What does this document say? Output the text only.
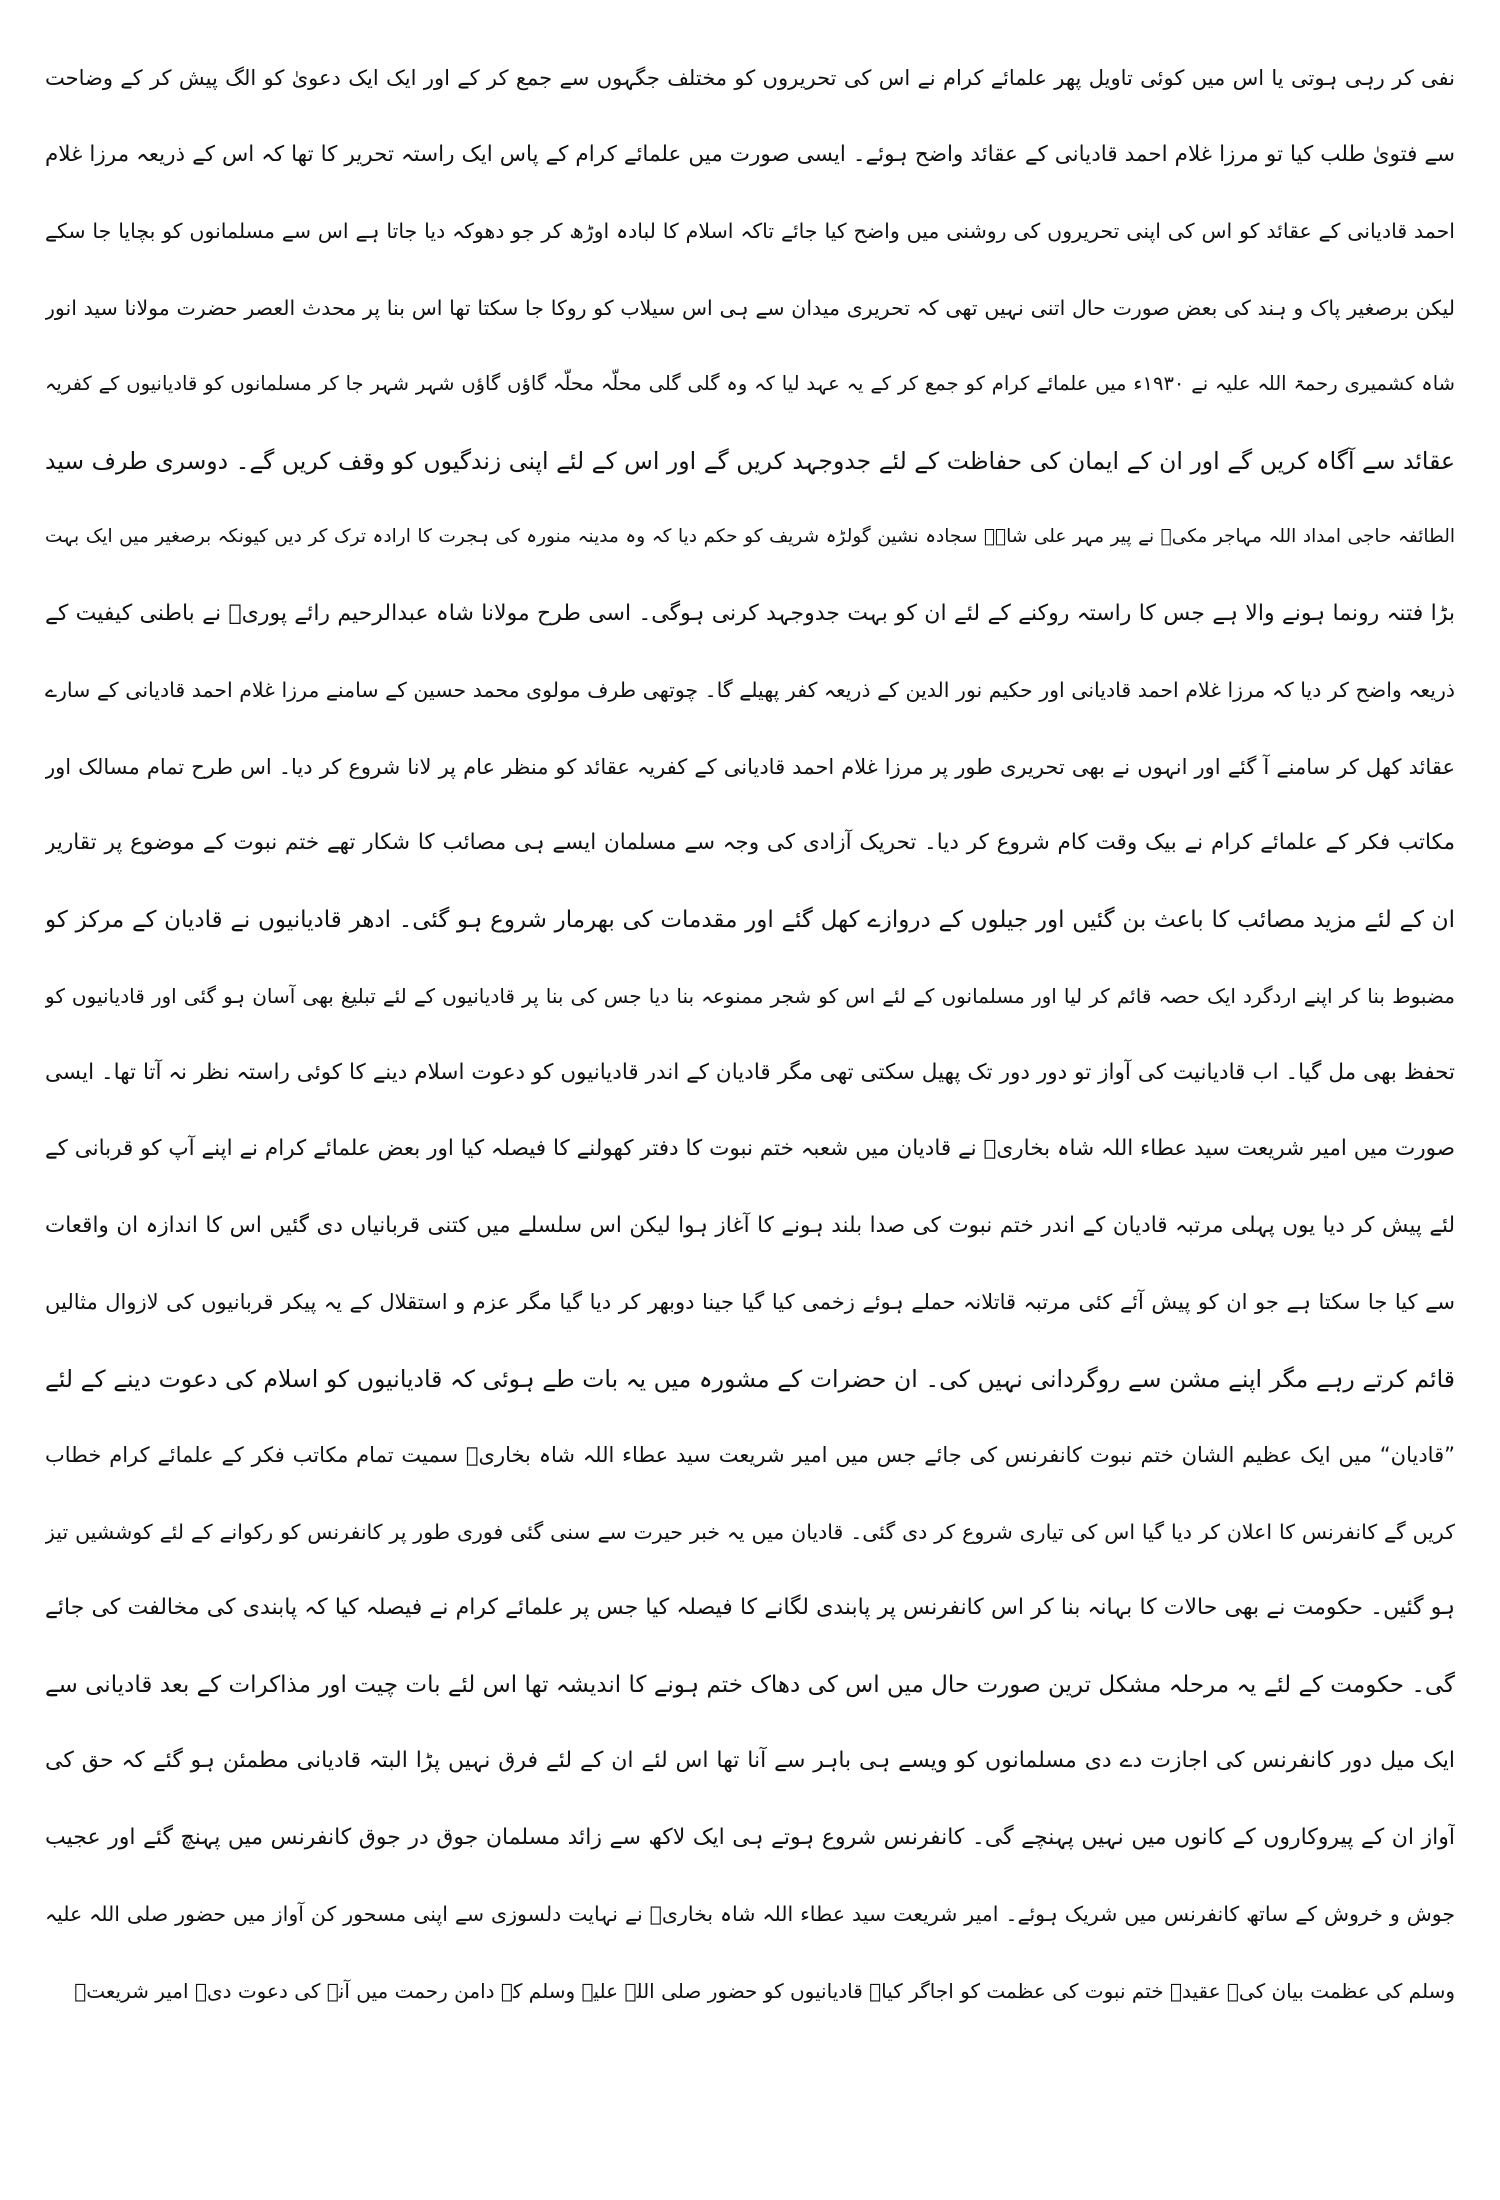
نفی کر رہی ہوتی یا اس میں کوئی تاویل پھر علمائے کرام نے اس کی تحریروں کو مختلف جگہوں سے جمع کر کے اور ایک ایک دعویٰ کو الگ پیش کر کے وضاحت
سے فتویٰ طلب کیا تو مرزا غلام احمد قادیانی کے عقائد واضح ہوئے۔ ایسی صورت میں علمائے کرام کے پاس ایک راستہ تحریر کا تھا کہ اس کے ذریعہ مرزا غلام
احمد قادیانی کے عقائد کو اس کی اپنی تحریروں کی روشنی میں واضح کیا جائے تاکہ اسلام کا لبادہ اوڑھ کر جو دھوکہ دیا جاتا ہے اس سے مسلمانوں کو بچایا جا سکے
لیکن برصغیر پاک و ہند کی بعض صورت حال اتنی نہیں تھی کہ تحریری میدان سے ہی اس سیلاب کو روکا جا سکتا تھا اس بنا پر محدث العصر حضرت مولانا سید انور
شاہ کشمیری رحمۃ اللہ علیہ نے ۱۹۳۰ء میں علمائے کرام کو جمع کر کے یہ عہد لیا کہ وہ گلی گلی محلّہ محلّہ گاؤں گاؤں شہر شہر جا کر مسلمانوں کو قادیانیوں کے کفریہ
عقائد سے آگاہ کریں گے اور ان کے ایمان کی حفاظت کے لئے جدوجہد کریں گے اور اس کے لئے اپنی زندگیوں کو وقف کریں گے۔ دوسری طرف سید
الطائفہ حاجی امداد اللہ مہاجر مکیؒ نے پیر مہر علی شاہؒ سجادہ نشین گولڑہ شریف کو حکم دیا کہ وہ مدینہ منورہ کی ہجرت کا ارادہ ترک کر دیں کیونکہ برصغیر میں ایک بہت
بڑا فتنہ رونما ہونے والا ہے جس کا راستہ روکنے کے لئے ان کو بہت جدوجہد کرنی ہوگی۔ اسی طرح مولانا شاہ عبدالرحیم رائے پوریؒ نے باطنی کیفیت کے
ذریعہ واضح کر دیا کہ مرزا غلام احمد قادیانی اور حکیم نور الدین کے ذریعہ کفر پھیلے گا۔ چوتھی طرف مولوی محمد حسین کے سامنے مرزا غلام احمد قادیانی کے سارے
عقائد کھل کر سامنے آ گئے اور انہوں نے بھی تحریری طور پر مرزا غلام احمد قادیانی کے کفریہ عقائد کو منظر عام پر لانا شروع کر دیا۔ اس طرح تمام مسالک اور
مکاتب فکر کے علمائے کرام نے بیک وقت کام شروع کر دیا۔ تحریک آزادی کی وجہ سے مسلمان ایسے ہی مصائب کا شکار تھے ختم نبوت کے موضوع پر تقاریر
ان کے لئے مزید مصائب کا باعث بن گئیں اور جیلوں کے دروازے کھل گئے اور مقدمات کی بھرمار شروع ہو گئی۔ ادھر قادیانیوں نے قادیان کے مرکز کو
مضبوط بنا کر اپنے اردگرد ایک حصہ قائم کر لیا اور مسلمانوں کے لئے اس کو شجر ممنوعہ بنا دیا جس کی بنا پر قادیانیوں کے لئے تبلیغ بھی آسان ہو گئی اور قادیانیوں کو
تحفظ بھی مل گیا۔ اب قادیانیت کی آواز تو دور دور تک پھیل سکتی تھی مگر قادیان کے اندر قادیانیوں کو دعوت اسلام دینے کا کوئی راستہ نظر نہ آتا تھا۔ ایسی
صورت میں امیر شریعت سید عطاء اللہ شاہ بخاریؒ نے قادیان میں شعبہ ختم نبوت کا دفتر کھولنے کا فیصلہ کیا اور بعض علمائے کرام نے اپنے آپ کو قربانی کے
لئے پیش کر دیا یوں پہلی مرتبہ قادیان کے اندر ختم نبوت کی صدا بلند ہونے کا آغاز ہوا لیکن اس سلسلے میں کتنی قربانیاں دی گئیں اس کا اندازہ ان واقعات
سے کیا جا سکتا ہے جو ان کو پیش آئے کئی مرتبہ قاتلانہ حملے ہوئے زخمی کیا گیا جینا دوبھر کر دیا گیا مگر عزم و استقلال کے یہ پیکر قربانیوں کی لازوال مثالیں
قائم کرتے رہے مگر اپنے مشن سے روگردانی نہیں کی۔ ان حضرات کے مشورہ میں یہ بات طے ہوئی کہ قادیانیوں کو اسلام کی دعوت دینے کے لئے
”قادیان“ میں ایک عظیم الشان ختم نبوت کانفرنس کی جائے جس میں امیر شریعت سید عطاء اللہ شاہ بخاریؒ سمیت تمام مکاتب فکر کے علمائے کرام خطاب
کریں گے کانفرنس کا اعلان کر دیا گیا اس کی تیاری شروع کر دی گئی۔ قادیان میں یہ خبر حیرت سے سنی گئی فوری طور پر کانفرنس کو رکوانے کے لئے کوششیں تیز
ہو گئیں۔ حکومت نے بھی حالات کا بہانہ بنا کر اس کانفرنس پر پابندی لگانے کا فیصلہ کیا جس پر علمائے کرام نے فیصلہ کیا کہ پابندی کی مخالفت کی جائے
گی۔ حکومت کے لئے یہ مرحلہ مشکل ترین صورت حال میں اس کی دھاک ختم ہونے کا اندیشہ تھا اس لئے بات چیت اور مذاکرات کے بعد قادیانی سے
ایک میل دور کانفرنس کی اجازت دے دی مسلمانوں کو ویسے ہی باہر سے آنا تھا اس لئے ان کے لئے فرق نہیں پڑا البتہ قادیانی مطمئن ہو گئے کہ حق کی
آواز ان کے پیروکاروں کے کانوں میں نہیں پہنچے گی۔ کانفرنس شروع ہوتے ہی ایک لاکھ سے زائد مسلمان جوق در جوق کانفرنس میں پہنچ گئے اور عجیب
جوش و خروش کے ساتھ کانفرنس میں شریک ہوئے۔ امیر شریعت سید عطاء اللہ شاہ بخاریؒ نے نہایت دلسوزی سے اپنی مسحور کن آواز میں حضور صلی اللہ علیہ
وسلم کی عظمت بیان کی۔ عقیدہ ختم نبوت کی عظمت کو اجاگر کیا۔ قادیانیوں کو حضور صلی اللہ علیہ وسلم کے دامن رحمت میں آنے کی دعوت دی۔ امیر شریعتؒ
